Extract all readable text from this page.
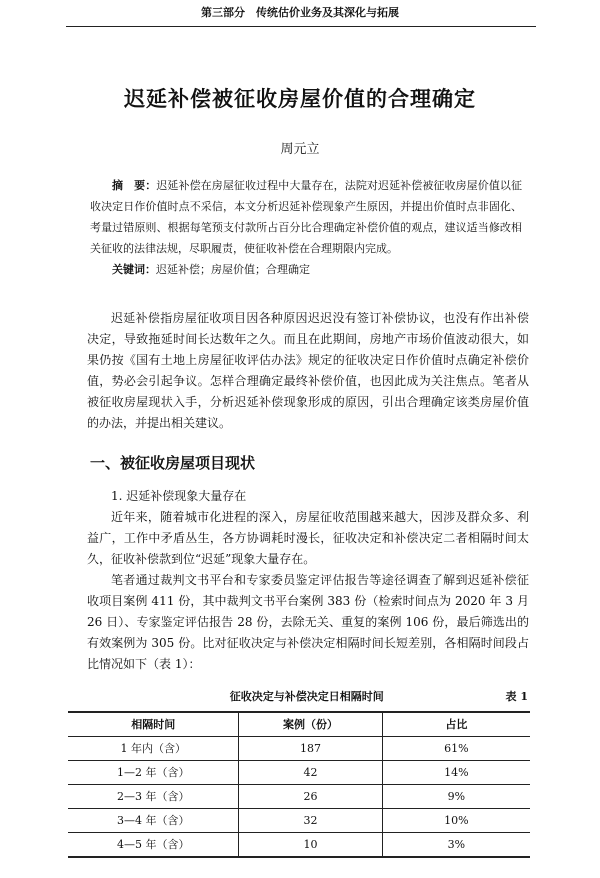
第三部分　传统估价业务及其深化与拓展
迟延补偿被征收房屋价值的合理确定
周元立
摘　要：迟延补偿在房屋征收过程中大量存在，法院对迟延补偿被征收房屋价值以征收决定日作价值时点不采信，本文分析迟延补偿现象产生原因，并提出价值时点非固化、考量过错原则、根据每笔预支付款所占百分比合理确定补偿价值的观点，建议适当修改相关征收的法律法规，尽职履责，使征收补偿在合理期限内完成。
关键词：迟延补偿；房屋价值；合理确定

迟延补偿指房屋征收项目因各种原因迟迟没有签订补偿协议，也没有作出补偿决定，导致拖延时间长达数年之久。而且在此期间，房地产市场价值波动很大，如果仍按《国有土地上房屋征收评估办法》规定的征收决定日作价值时点确定补偿价值，势必会引起争议。怎样合理确定最终补偿价值，也因此成为关注焦点。笔者从被征收房屋现状入手，分析迟延补偿现象形成的原因，引出合理确定该类房屋价值的办法，并提出相关建议。

一、被征收房屋项目现状

1. 迟延补偿现象大量存在

近年来，随着城市化进程的深入，房屋征收范围越来越大，因涉及群众多、利益广，工作中矛盾丛生，各方协调耗时漫长，征收决定和补偿决定二者相隔时间太久，征收补偿款到位“迟延”现象大量存在。

笔者通过裁判文书平台和专家委员鉴定评估报告等途径调查了解到迟延补偿征收项目案例 411 份，其中裁判文书平台案例 383 份（检索时间点为 2020 年 3 月 26 日）、专家鉴定评估报告 28 份，去除无关、重复的案例 106 份，最后筛选出的有效案例为 305 份。比对征收决定与补偿决定相隔时间长短差别，各相隔时间段占比情况如下（表 1）：

征收决定与补偿决定日相隔时间	表 1
相隔时间	案例（份）	占比
1 年内（含）	187	61%
1—2 年（含）	42	14%
2—3 年（含）	26	9%
3—4 年（含）	32	10%
4—5 年（含）	10	3%
